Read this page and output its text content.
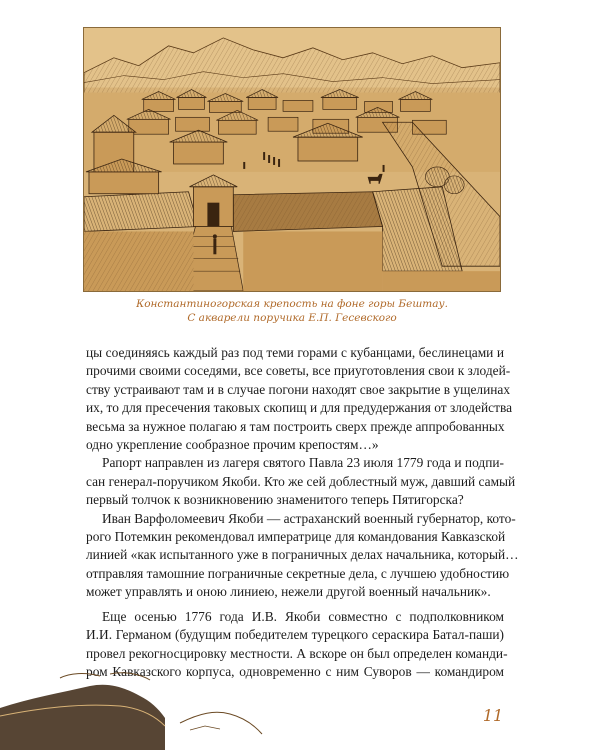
Константиногорская крепость на фоне горы Бештау.
С акварели поручика Е.П. Гесевского
цы соединяясь каждый раз под теми горами с кубанцами, беслинецами и
прочими своими соседями, все советы, все приуготовления свои к злодей-
ству устраивают там и в случае погони находят свое закрытие в ущелинах
их, то для пресечения таковых скопищ и для предудержания от злодейства
весьма за нужное полагаю я там построить сверх прежде аппробованных
одно укрепление сообразное прочим крепостям…»
Рапорт направлен из лагеря святого Павла 23 июля 1779 года и подпи-
сан генерал-поручиком Якоби. Кто же сей доблестный муж, давший самый
первый толчок к возникновению знаменитого теперь Пятигорска?
Иван Варфоломеевич Якоби — астраханский военный губернатор, кото-
рого Потемкин рекомендовал императрице для командования Кавказской
линией «как испытанного уже в пограничных делах начальника, который…
отправляя тамошние пограничные секретные дела, с лучшею удобностию
может управлять и оною линиею, нежели другой военный начальник».
Еще осенью 1776 года И.В. Якоби совместно с подполковником
И.И. Германом (будущим победителем турецкого сераскира Батал-паши)
провел рекогносцировку местности. А вскоре он был определен команди-
ром Кавказского корпуса, одновременно с ним Суворов — командиром
11
